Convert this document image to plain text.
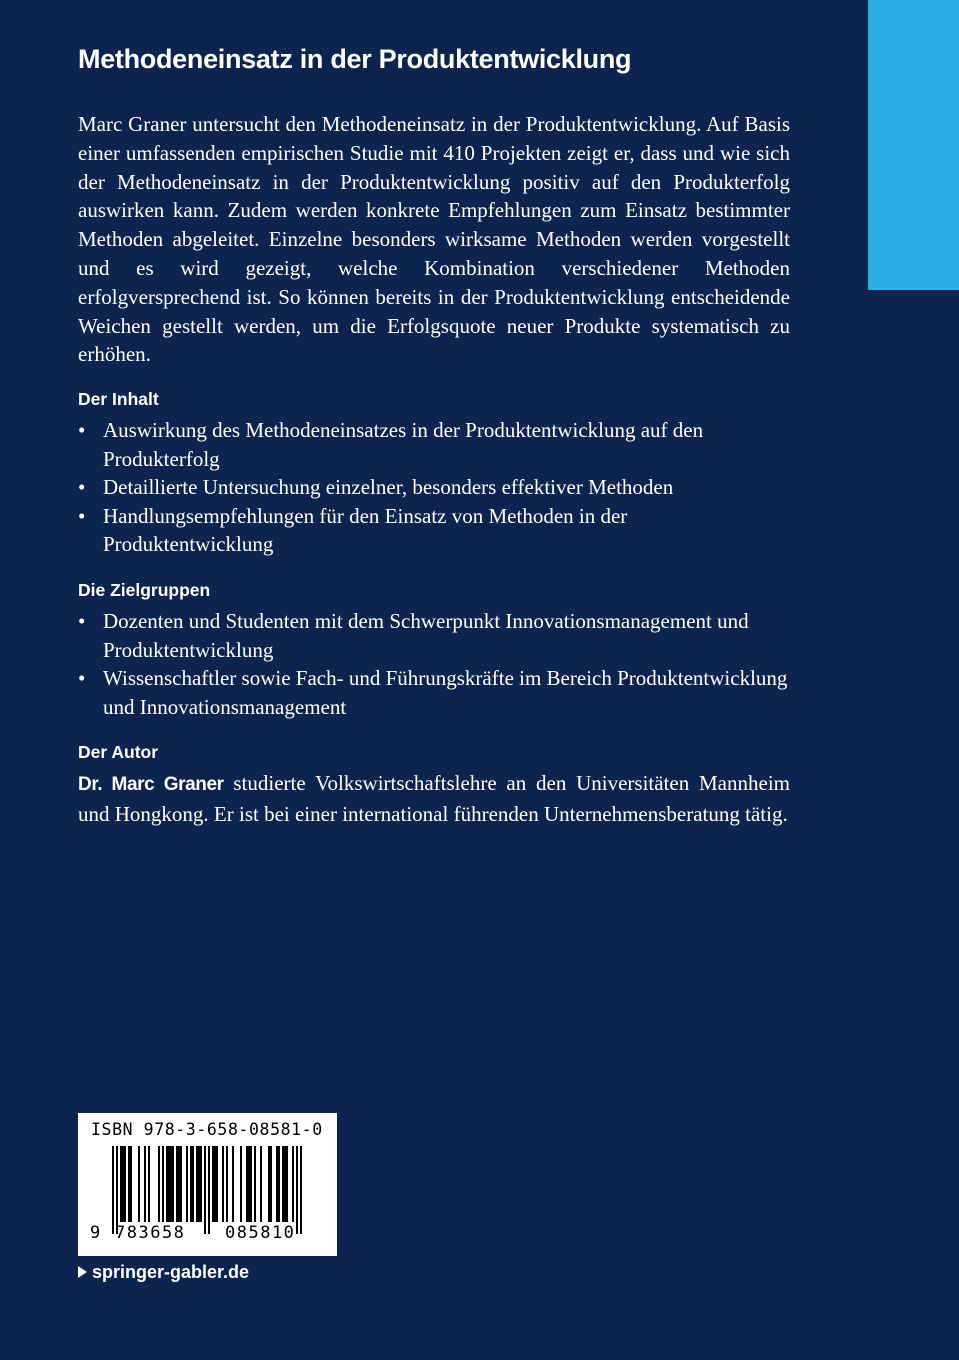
Methodeneinsatz in der Produktentwicklung
Marc Graner untersucht den Methodeneinsatz in der Produktentwicklung. Auf Basis einer umfassenden empirischen Studie mit 410 Projekten zeigt er, dass und wie sich der Methodeneinsatz in der Produktentwicklung positiv auf den Produkterfolg auswirken kann. Zudem werden konkrete Empfehlungen zum Einsatz bestimmter Methoden abgeleitet. Einzelne besonders wirksame Methoden werden vorgestellt und es wird gezeigt, welche Kombination verschiedener Methoden erfolgversprechend ist. So können bereits in der Produktentwicklung entscheidende Weichen gestellt werden, um die Erfolgsquote neuer Produkte systematisch zu erhöhen.
Der Inhalt
• Auswirkung des Methodeneinsatzes in der Produktentwicklung auf den Produkterfolg
• Detaillierte Untersuchung einzelner, besonders effektiver Methoden
• Handlungsempfehlungen für den Einsatz von Methoden in der Produktentwicklung
Die Zielgruppen
• Dozenten und Studenten mit dem Schwerpunkt Innovationsmanagement und Produktentwicklung
• Wissenschaftler sowie Fach- und Führungskräfte im Bereich Produktentwicklung und Innovationsmanagement
Der Autor
Dr. Marc Graner studierte Volkswirtschaftslehre an den Universitäten Mannheim und Hongkong. Er ist bei einer international führenden Unternehmensberatung tätig.
ISBN 978-3-658-08581-0
9 783658 085810
springer-gabler.de
